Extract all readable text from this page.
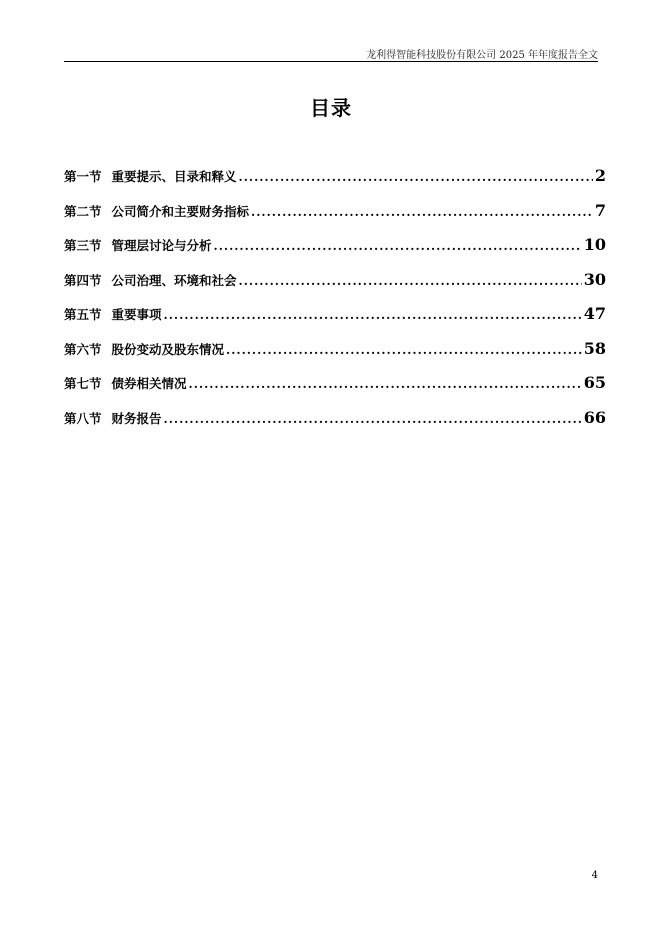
龙利得智能科技股份有限公司 2025 年年度报告全文
目录
第一节 重要提示、目录和释义 .....	2
第二节 公司简介和主要财务指标 .....	7
第三节 管理层讨论与分析 .....	10
第四节 公司治理、环境和社会 .....	30
第五节 重要事项 .....	47
第六节 股份变动及股东情况 .....	58
第七节 债券相关情况 .....	65
第八节 财务报告 .....	66
4
